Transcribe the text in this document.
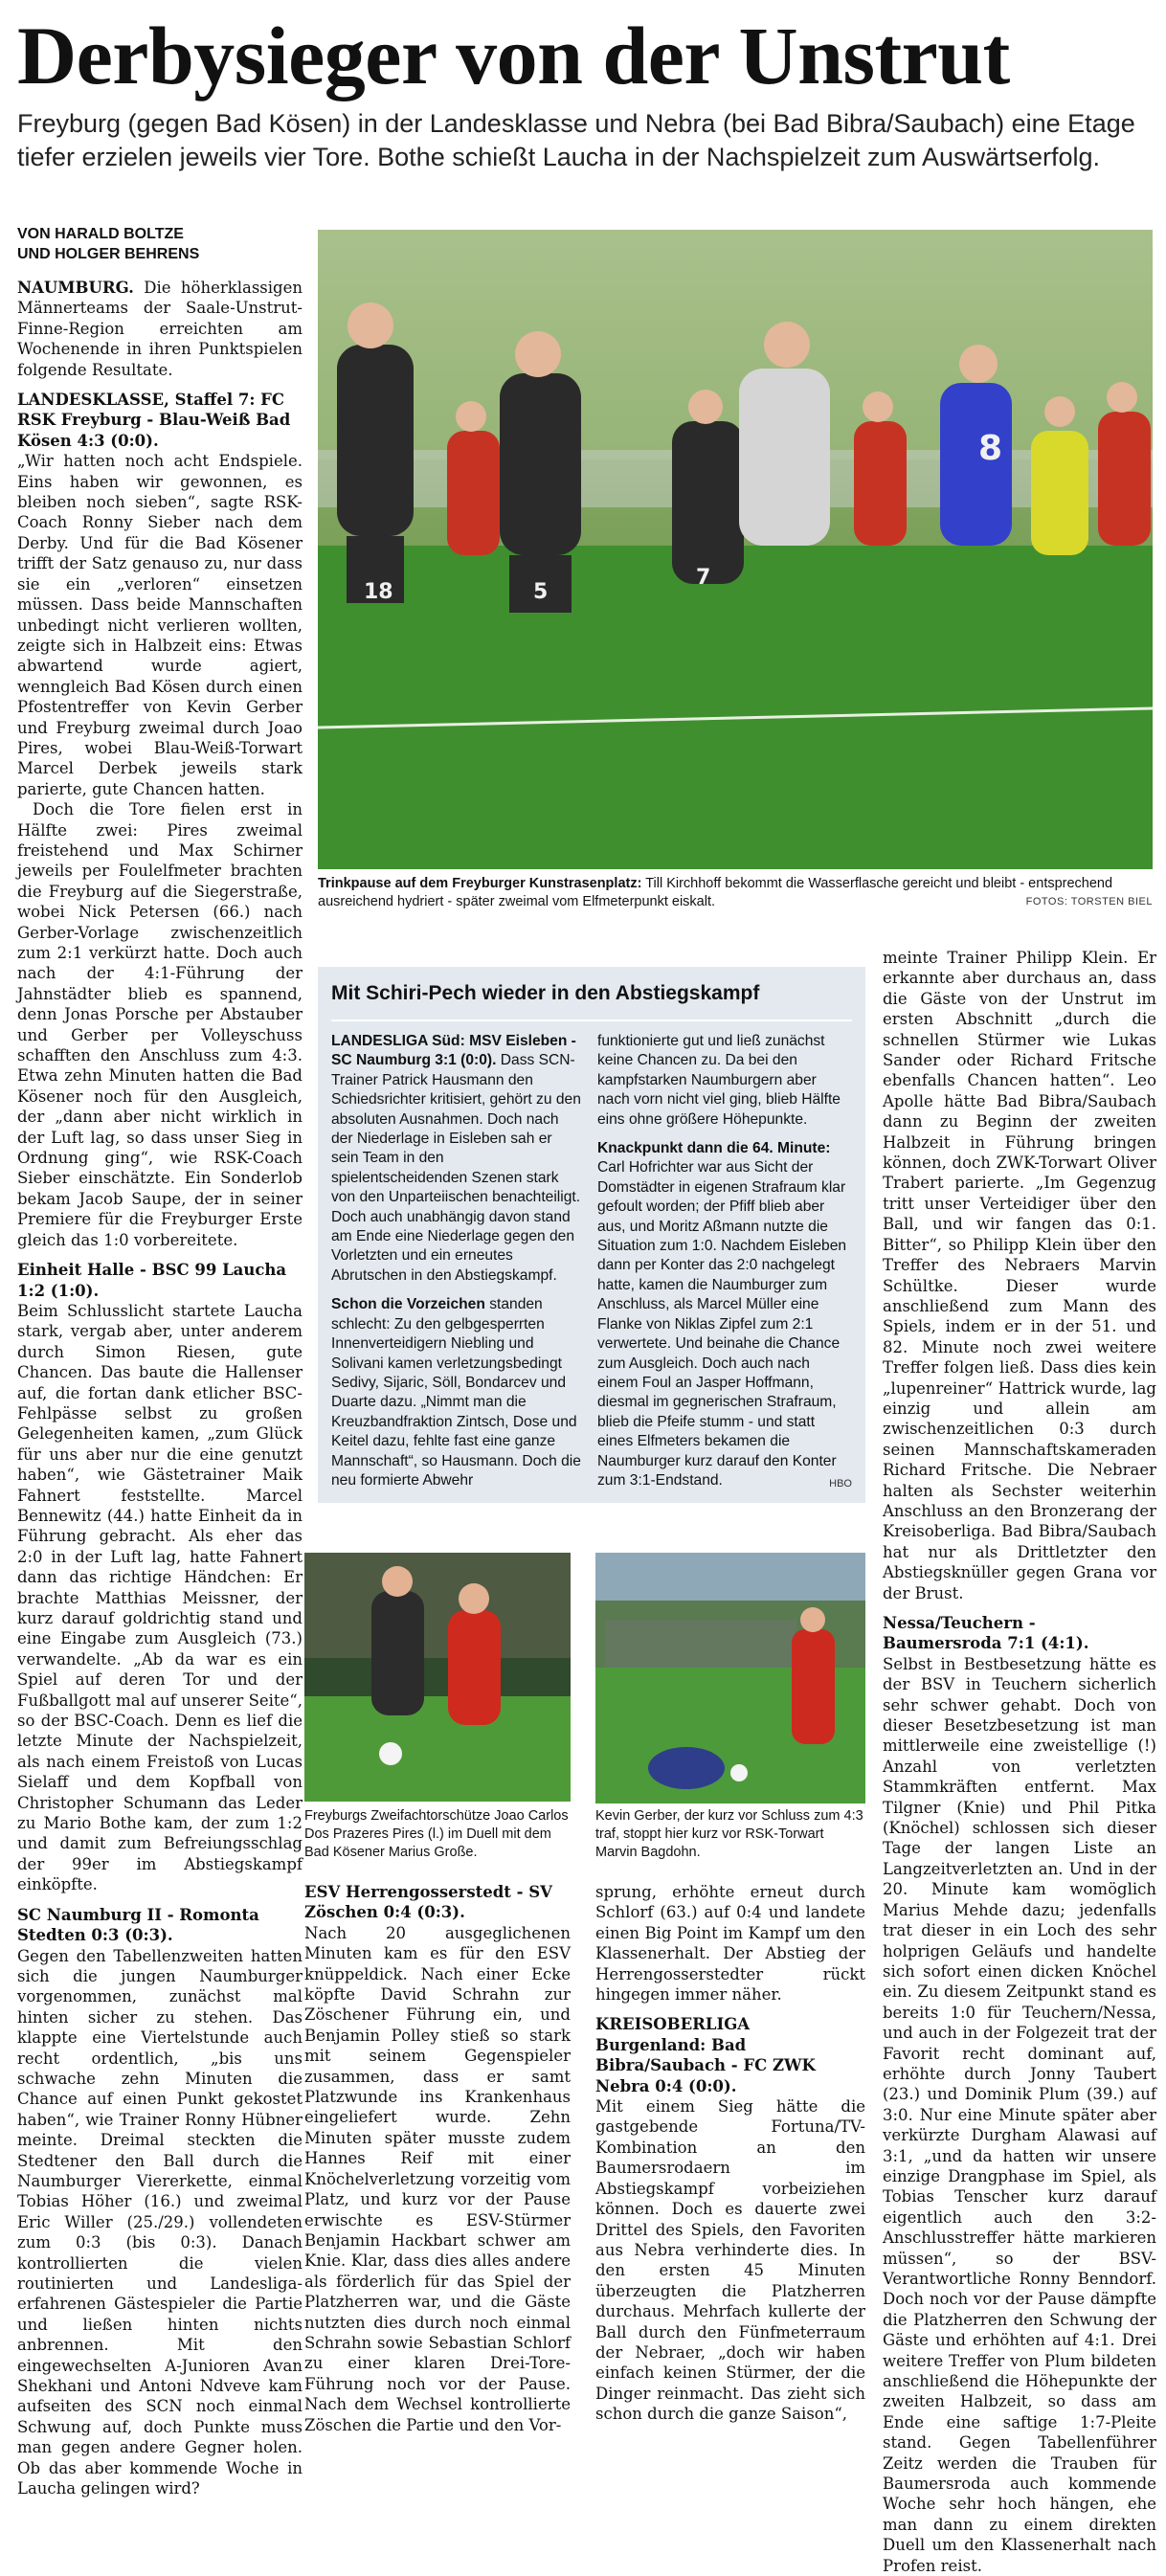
Derbysieger von der Unstrut

Freyburg (gegen Bad Kösen) in der Landesklasse und Nebra (bei Bad Bibra/Saubach) eine Etage tiefer erzielen jeweils vier Tore. Bothe schießt Laucha in der Nachspielzeit zum Auswärtserfolg.

VON HARALD BOLTZE
UND HOLGER BEHRENS

NAUMBURG. Die höherklassigen Männerteams der Saale-Unstrut-Finne-Region erreichten am Wochenende in ihren Punktspielen folgende Resultate.

LANDESKLASSE, Staffel 7: FC RSK Freyburg - Blau-Weiß Bad Kösen 4:3 (0:0).

„Wir hatten noch acht Endspiele. Eins haben wir gewonnen, es bleiben noch sieben“, sagte RSK-Coach Ronny Sieber nach dem Derby. Und für die Bad Kösener trifft der Satz genauso zu, nur dass sie ein „verloren“ einsetzen müssen. Dass beide Mannschaften unbedingt nicht verlieren wollten, zeigte sich in Halbzeit eins: Etwas abwartend wurde agiert, wenngleich Bad Kösen durch einen Pfostentreffer von Kevin Gerber und Freyburg zweimal durch Joao Pires, wobei Blau-Weiß-Torwart Marcel Derbek jeweils stark parierte, gute Chancen hatten.

Doch die Tore fielen erst in Hälfte zwei: Pires zweimal freistehend und Max Schirner jeweils per Foulelfmeter brachten die Freyburg auf die Siegerstraße, wobei Nick Petersen (66.) nach Gerber-Vorlage zwischenzeitlich zum 2:1 verkürzt hatte. Doch auch nach der 4:1-Führung der Jahnstädter blieb es spannend, denn Jonas Porsche per Abstauber und Gerber per Volleyschuss schafften den Anschluss zum 4:3. Etwa zehn Minuten hatten die Bad Kösener noch für den Ausgleich, der „dann aber nicht wirklich in der Luft lag, so dass unser Sieg in Ordnung ging“, wie RSK-Coach Sieber einschätzte. Ein Sonderlob bekam Jacob Saupe, der in seiner Premiere für die Freyburger Erste gleich das 1:0 vorbereitete.

Einheit Halle - BSC 99 Laucha 1:2 (1:0).

Beim Schlusslicht startete Laucha stark, vergab aber, unter anderem durch Simon Riesen, gute Chancen. Das baute die Hallenser auf, die fortan dank etlicher BSC-Fehlpässe selbst zu großen Gelegenheiten kamen, „zum Glück für uns aber nur die eine genutzt haben“, wie Gästetrainer Maik Fahnert feststellte. Marcel Bennewitz (44.) hatte Einheit da in Führung gebracht. Als eher das 2:0 in der Luft lag, hatte Fahnert dann das richtige Händchen: Er brachte Matthias Meissner, der kurz darauf goldrichtig stand und eine Eingabe zum Ausgleich (73.) verwandelte. „Ab da war es ein Spiel auf deren Tor und der Fußballgott mal auf unserer Seite“, so der BSC-Coach. Denn es lief die letzte Minute der Nachspielzeit, als nach einem Freistoß von Lucas Sielaff und dem Kopfball von Christopher Schumann das Leder zu Mario Bothe kam, der zum 1:2 und damit zum Befreiungsschlag der 99er im Abstiegskampf einköpfte.

SC Naumburg II - Romonta Stedten 0:3 (0:3).

Gegen den Tabellenzweiten hatten sich die jungen Naumburger vorgenommen, zunächst mal hinten sicher zu stehen. Das klappte eine Viertelstunde auch recht ordentlich, „bis uns schwache zehn Minuten die Chance auf einen Punkt gekostet haben“, wie Trainer Ronny Hübner meinte. Dreimal steckten die Stedtener den Ball durch die Naumburger Viererkette, einmal Tobias Höher (16.) und zweimal Eric Willer (25./29.) vollendeten zum 0:3 (bis 0:3). Danach kontrollierten die vielen routinierten und Landesliga-erfahrenen Gästespieler die Partie und ließen hinten nichts anbrennen. Mit den eingewechselten A-Junioren Avan Shekhani und Antoni Ndveve kam aufseiten des SCN noch einmal Schwung auf, doch Punkte muss man gegen andere Gegner holen. Ob das aber kommende Woche in Laucha gelingen wird?

18	5
7
8
Trinkpause auf dem Freyburger Kunstrasenplatz: Till Kirchhoff bekommt die Wasserflasche gereicht und bleibt - entsprechend ausreichend hydriert - später zweimal vom Elfmeterpunkt eiskalt.	FOTOS: TORSTEN BIEL
Mit Schiri-Pech wieder in den Abstiegskampf

LANDESLIGA Süd: MSV Eisleben - SC Naumburg 3:1 (0:0). Dass SCN-Trainer Patrick Hausmann den Schiedsrichter kritisiert, gehört zu den absoluten Ausnahmen. Doch nach der Niederlage in Eisleben sah er sein Team in den spielentscheidenden Szenen stark von den Unparteiischen benachteiligt. Doch auch unabhängig davon stand am Ende eine Niederlage gegen den Vorletzten und ein erneutes Abrutschen in den Abstiegskampf.

Schon die Vorzeichen standen schlecht: Zu den gelbgesperrten Innenverteidigern Niebling und Solivani kamen verletzungsbedingt Sedivy, Sijaric, Söll, Bondarcev und Duarte dazu. „Nimmt man die Kreuzbandfraktion Zintsch, Dose und Keitel dazu, fehlte fast eine ganze Mannschaft“, so Hausmann. Doch die neu formierte Abwehr

funktionierte gut und ließ zunächst keine Chancen zu. Da bei den kampfstarken Naumburgern aber nach vorn nicht viel ging, blieb Hälfte eins ohne größere Höhepunkte.

Knackpunkt dann die 64. Minute: Carl Hofrichter war aus Sicht der Domstädter in eigenen Strafraum klar gefoult worden; der Pfiff blieb aber aus, und Moritz Aßmann nutzte die Situation zum 1:0. Nachdem Eisleben dann per Konter das 2:0 nachgelegt hatte, kamen die Naumburger zum Anschluss, als Marcel Müller eine Flanke von Niklas Zipfel zum 2:1 verwertete. Und beinahe die Chance zum Ausgleich. Doch auch nach einem Foul an Jasper Hoffmann, diesmal im gegnerischen Strafraum, blieb die Pfeife stumm - und statt eines Elfmeters bekamen die Naumburger kurz darauf den Konter zum 3:1-Endstand.	HBO
Freyburgs Zweifachtorschütze Joao Carlos Dos Prazeres Pires (l.) im Duell mit dem Bad Kösener Marius Große.
Kevin Gerber, der kurz vor Schluss zum 4:3 traf, stoppt hier kurz vor RSK-Torwart Marvin Bagdohn.
ESV Herrengosserstedt - SV Zöschen 0:4 (0:3).

Nach 20 ausgeglichenen Minuten kam es für den ESV knüppeldick. Nach einer Ecke köpfte David Schrahn zur Zöschener Führung ein, und Benjamin Polley stieß so stark mit seinem Gegenspieler zusammen, dass er samt Platzwunde ins Krankenhaus eingeliefert wurde. Zehn Minuten später musste zudem Hannes Reif mit einer Knöchelverletzung vorzeitig vom Platz, und kurz vor der Pause erwischte es ESV-Stürmer Benjamin Hackbart schwer am Knie. Klar, dass dies alles andere als förderlich für das Spiel der Platzherren war, und die Gäste nutzten dies durch noch einmal Schrahn sowie Sebastian Schlorf zu einer klaren Drei-Tore-Führung noch vor der Pause. Nach dem Wechsel kontrollierte Zöschen die Partie und den Vor-

sprung, erhöhte erneut durch Schlorf (63.) auf 0:4 und landete einen Big Point im Kampf um den Klassenerhalt. Der Abstieg der Herrengosserstedter rückt hingegen immer näher.

KREISOBERLIGA Burgenland: Bad Bibra/Saubach - FC ZWK Nebra 0:4 (0:0).

Mit einem Sieg hätte die gastgebende Fortuna/TV-Kombination an den Baumersrodaern im Abstiegskampf vorbeiziehen können. Doch es dauerte zwei Drittel des Spiels, den Favoriten aus Nebra verhinderte dies. In den ersten 45 Minuten überzeugten die Platzherren durchaus. Mehrfach kullerte der Ball durch den Fünfmeterraum der Nebraer, „doch wir haben einfach keinen Stürmer, der die Dinger reinmacht. Das zieht sich schon durch die ganze Saison“,

meinte Trainer Philipp Klein. Er erkannte aber durchaus an, dass die Gäste von der Unstrut im ersten Abschnitt „durch die schnellen Stürmer wie Lukas Sander oder Richard Fritsche ebenfalls Chancen hatten“. Leo Apolle hätte Bad Bibra/Saubach dann zu Beginn der zweiten Halbzeit in Führung bringen können, doch ZWK-Torwart Oliver Trabert parierte. „Im Gegenzug tritt unser Verteidiger über den Ball, und wir fangen das 0:1. Bitter“, so Philipp Klein über den Treffer des Nebraers Marvin Schültke. Dieser wurde anschließend zum Mann des Spiels, indem er in der 51. und 82. Minute noch zwei weitere Treffer folgen ließ. Dass dies kein „lupenreiner“ Hattrick wurde, lag einzig und allein am zwischenzeitlichen 0:3 durch seinen Mannschaftskameraden Richard Fritsche. Die Nebraer halten als Sechster weiterhin Anschluss an den Bronzerang der Kreisoberliga. Bad Bibra/Saubach hat nur als Drittletzter den Abstiegsknüller gegen Grana vor der Brust.

Nessa/Teuchern - Baumersroda 7:1 (4:1).

Selbst in Bestbesetzung hätte es der BSV in Teuchern sicherlich sehr schwer gehabt. Doch von dieser Besetzbesetzung ist man mittlerweile eine zweistellige (!) Anzahl von verletzten Stammkräften entfernt. Max Tilgner (Knie) und Phil Pitka (Knöchel) schlossen sich dieser Tage der langen Liste an Langzeitverletzten an. Und in der 20. Minute kam womöglich Marius Mehde dazu; jedenfalls trat dieser in ein Loch des sehr holprigen Geläufs und handelte sich sofort einen dicken Knöchel ein. Zu diesem Zeitpunkt stand es bereits 1:0 für Teuchern/Nessa, und auch in der Folgezeit trat der Favorit recht dominant auf, erhöhte durch Jonny Taubert (23.) und Dominik Plum (39.) auf 3:0. Nur eine Minute später aber verkürzte Durgham Alawasi auf 3:1, „und da hatten wir unsere einzige Drangphase im Spiel, als Tobias Tenscher kurz darauf eigentlich auch den 3:2-Anschlusstreffer hätte markieren müssen“, so der BSV-Verantwortliche Ronny Benndorf. Doch noch vor der Pause dämpfte die Platzherren den Schwung der Gäste und erhöhten auf 4:1. Drei weitere Treffer von Plum bildeten anschließend die Höhepunkte der zweiten Halbzeit, so dass am Ende eine saftige 1:7-Pleite stand. Gegen Tabellenführer Zeitz werden die Trauben für Baumersroda auch kommende Woche sehr hoch hängen, ehe man dann zu einem direkten Duell um den Klassenerhalt nach Profen reist.
